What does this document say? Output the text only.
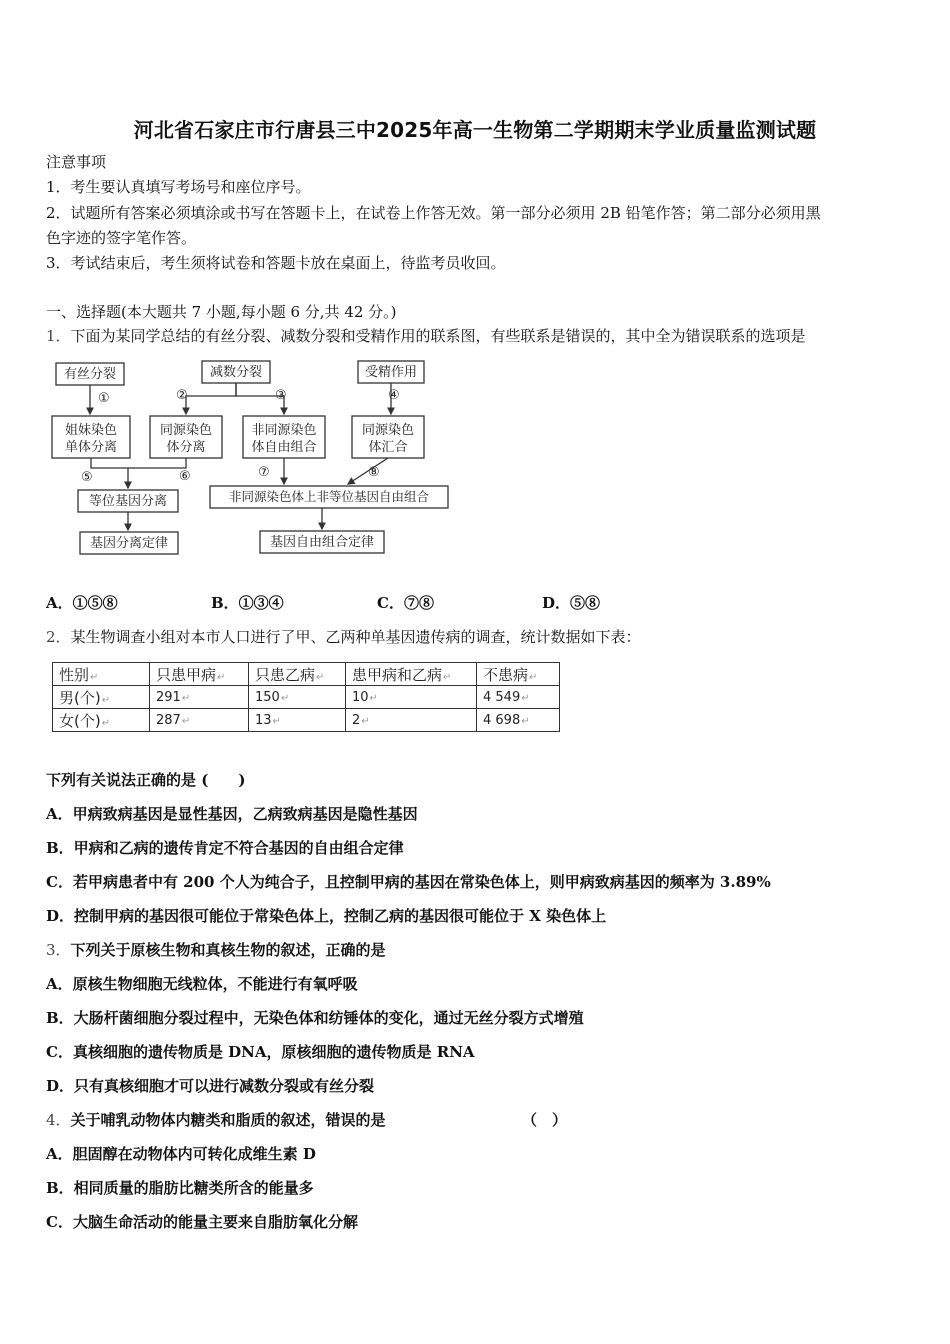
河北省石家庄市行唐县三中2025年高一生物第二学期期末学业质量监测试题
注意事项
1．考生要认真填写考场号和座位序号。
2．试题所有答案必须填涂或书写在答题卡上，在试卷上作答无效。第一部分必须用 2B 铅笔作答；第二部分必须用黑
色字迹的签字笔作答。
3．考试结束后，考生须将试卷和答题卡放在桌面上，待监考员收回。
一、选择题(本大题共 7 小题,每小题 6 分,共 42 分。)
1．下面为某同学总结的有丝分裂、减数分裂和受精作用的联系图，有些联系是错误的，其中全为错误联系的选项是
有丝分裂	减数分裂	受精作用
姐妹染色
单体分离
同源染色
体分离
非同源染色
体自由组合
同源染色
体汇合
等位基因分离	非同源染色体上非等位基因自由组合
基因分离定律	基因自由组合定律
①	②	③	④
⑤	⑥	⑦	⑧
A．①⑤⑧	B．①③④	C．⑦⑧	D．⑤⑧
2．某生物调查小组对本市人口进行了甲、乙两种单基因遗传病的调查，统计数据如下表：
性别↵	只患甲病↵	只患乙病↵	患甲病和乙病↵	不患病↵
男(个)↵	291↵	150↵	10↵	4 549↵
女(个)↵	287↵	13↵	2↵	4 698↵
下列有关说法正确的是 (　　)
A．甲病致病基因是显性基因，乙病致病基因是隐性基因
B．甲病和乙病的遗传肯定不符合基因的自由组合定律
C．若甲病患者中有 200 个人为纯合子，且控制甲病的基因在常染色体上，则甲病致病基因的频率为 3.89%
D．控制甲病的基因很可能位于常染色体上，控制乙病的基因很可能位于 X 染色体上
3．下列关于原核生物和真核生物的叙述，正确的是
A．原核生物细胞无线粒体，不能进行有氧呼吸
B．大肠杆菌细胞分裂过程中，无染色体和纺锤体的变化，通过无丝分裂方式增殖
C．真核细胞的遗传物质是 DNA，原核细胞的遗传物质是 RNA
D．只有真核细胞才可以进行减数分裂或有丝分裂
4．关于哺乳动物体内糖类和脂质的叙述，错误的是	（　）
A．胆固醇在动物体内可转化成维生素 D
B．相同质量的脂肪比糖类所含的能量多
C．大脑生命活动的能量主要来自脂肪氧化分解
